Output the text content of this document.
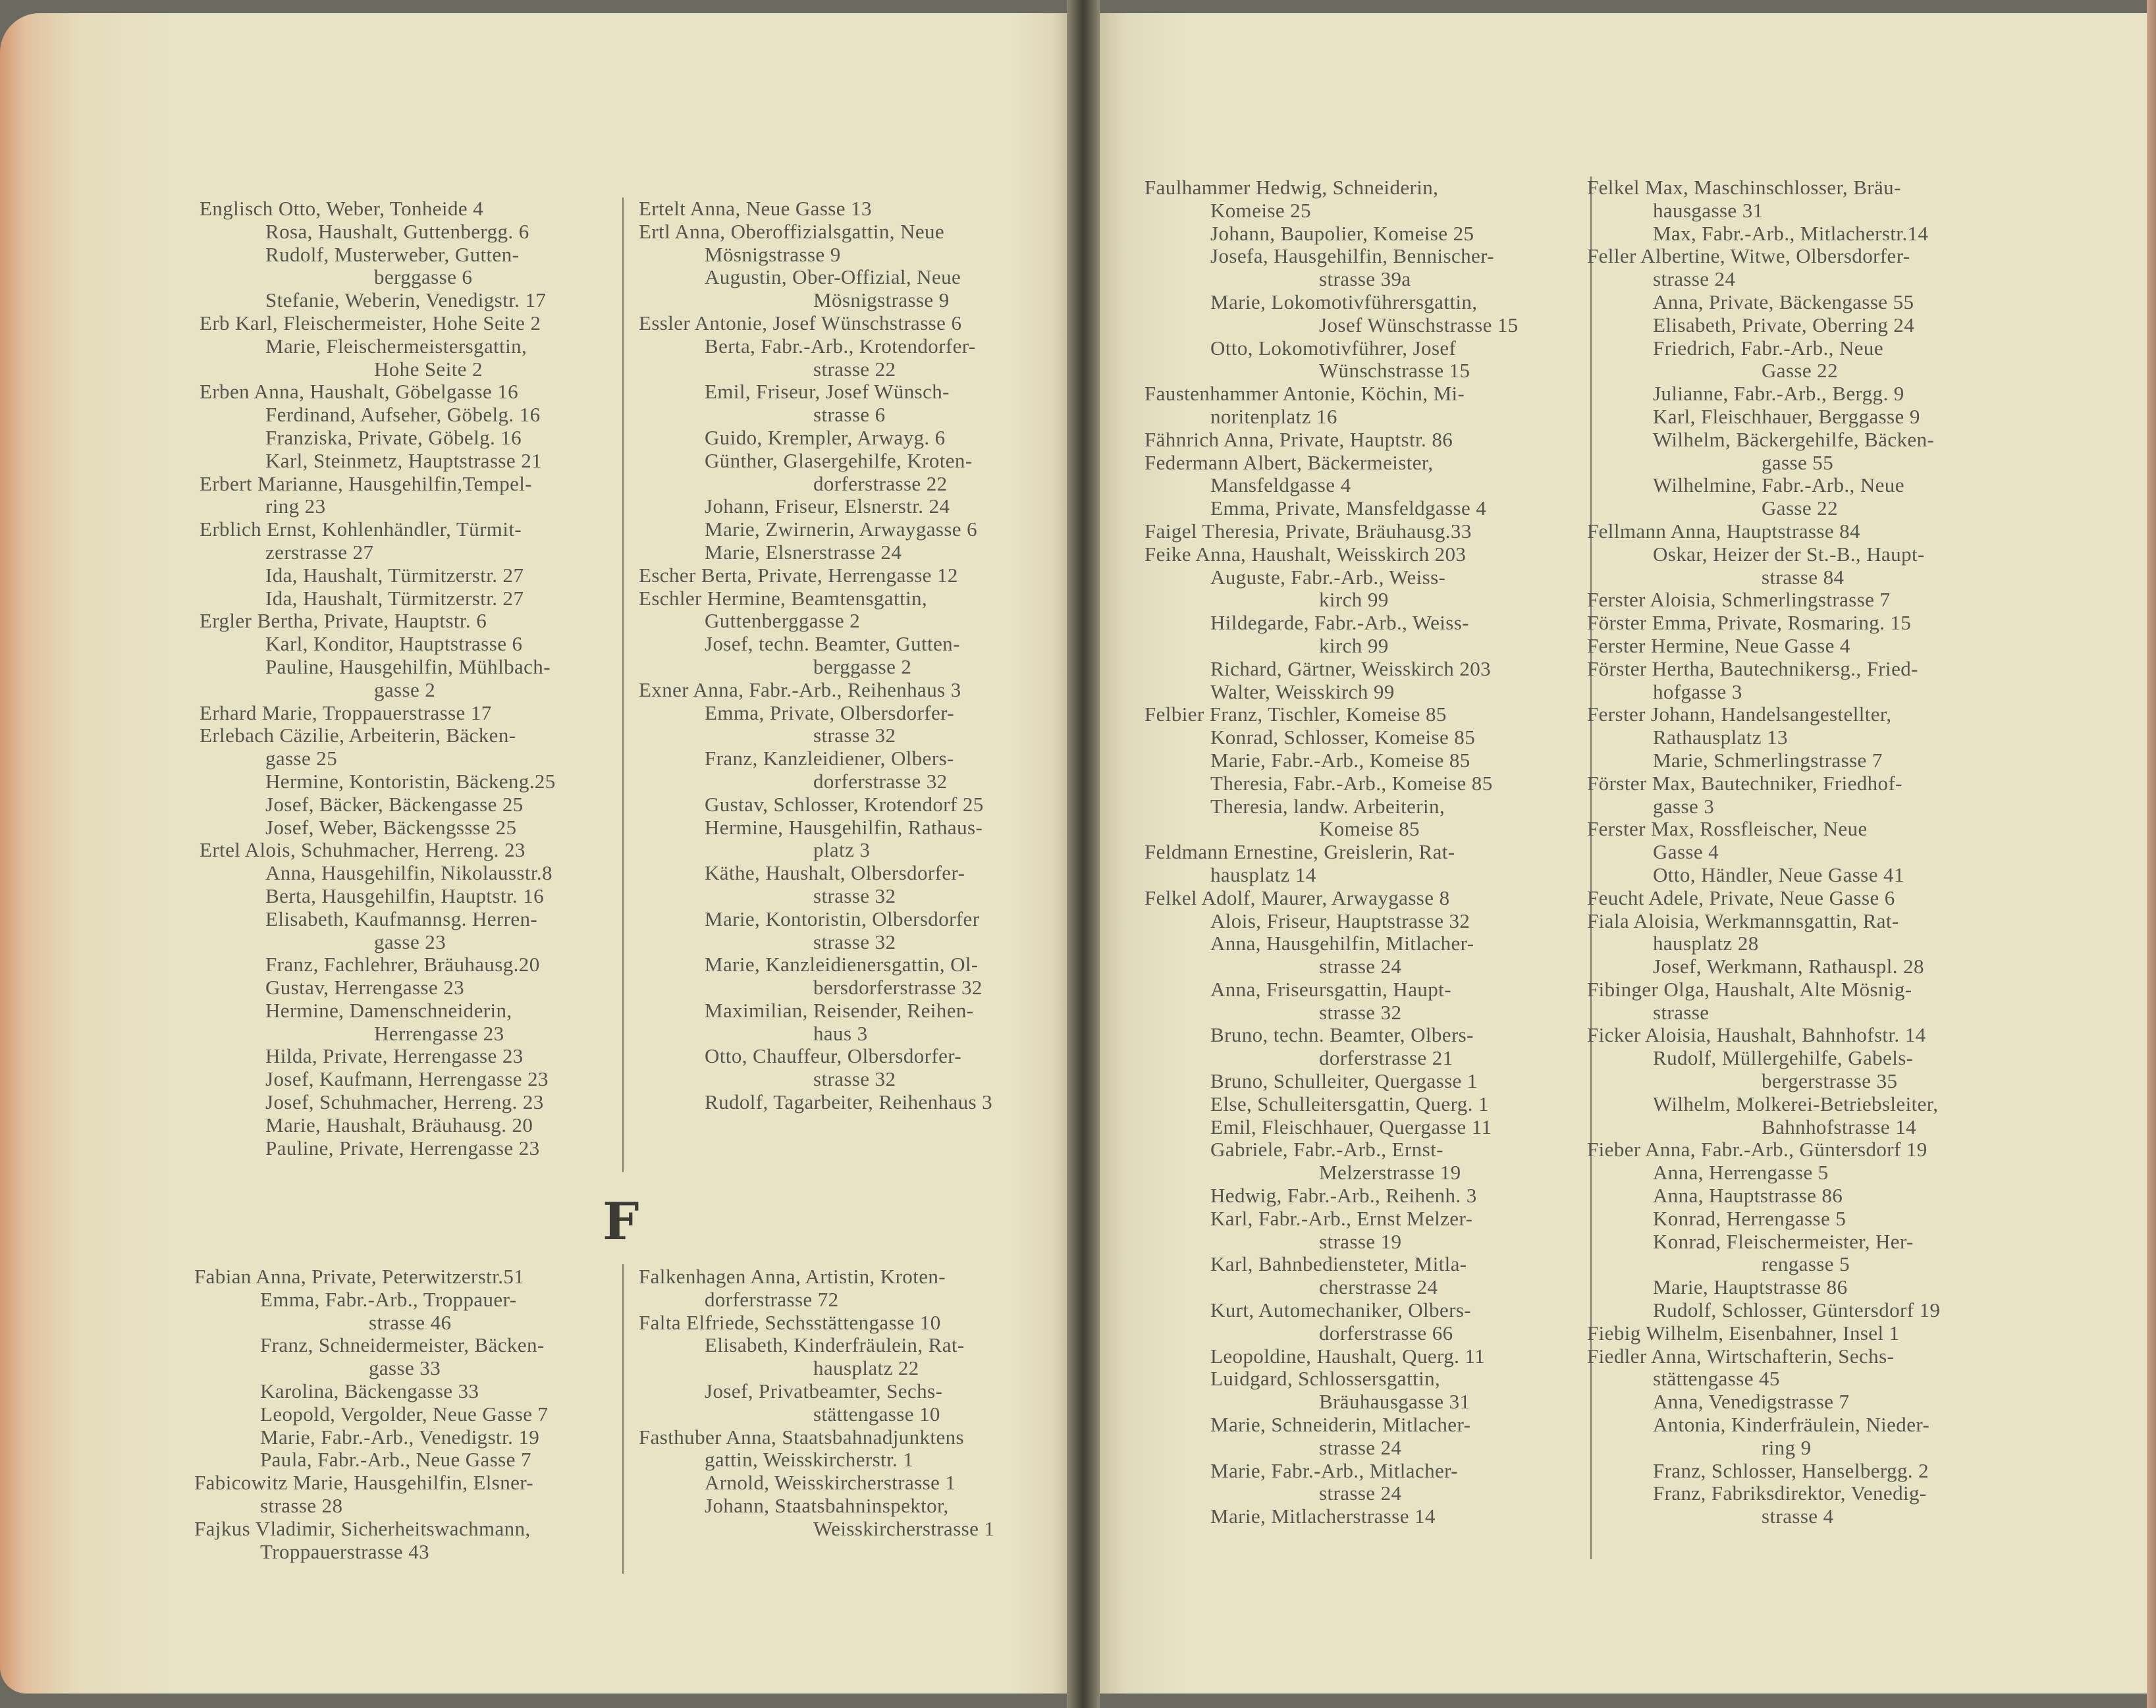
Englisch Otto, Weber, Tonheide 4
Rosa, Haushalt, Guttenbergg. 6
Rudolf, Musterweber, Gutten-
berggasse 6
Stefanie, Weberin, Venedigstr. 17
Erb Karl, Fleischermeister, Hohe Seite 2
Marie, Fleischermeistersgattin,
Hohe Seite 2
Erben Anna, Haushalt, Göbelgasse 16
Ferdinand, Aufseher, Göbelg. 16
Franziska, Private, Göbelg. 16
Karl, Steinmetz, Hauptstrasse 21
Erbert Marianne, Hausgehilfin,Tempel-
ring 23
Erblich Ernst, Kohlenhändler, Türmit-
zerstrasse 27
Ida, Haushalt, Türmitzerstr. 27
Ida, Haushalt, Türmitzerstr. 27
Ergler Bertha, Private, Hauptstr. 6
Karl, Konditor, Hauptstrasse 6
Pauline, Hausgehilfin, Mühlbach-
gasse 2
Erhard Marie, Troppauerstrasse 17
Erlebach Cäzilie, Arbeiterin, Bäcken-
gasse 25
Hermine, Kontoristin, Bäckeng.25
Josef, Bäcker, Bäckengasse 25
Josef, Weber, Bäckengssse 25
Ertel Alois, Schuhmacher, Herreng. 23
Anna, Hausgehilfin, Nikolausstr.8
Berta, Hausgehilfin, Hauptstr. 16
Elisabeth, Kaufmannsg. Herren-
gasse 23
Franz, Fachlehrer, Bräuhausg.20
Gustav, Herrengasse 23
Hermine, Damenschneiderin,
Herrengasse 23
Hilda, Private, Herrengasse 23
Josef, Kaufmann, Herrengasse 23
Josef, Schuhmacher, Herreng. 23
Marie, Haushalt, Bräuhausg. 20
Pauline, Private, Herrengasse 23
Ertelt Anna, Neue Gasse 13
Ertl Anna, Oberoffizialsgattin, Neue
Mösnigstrasse 9
Augustin, Ober-Offizial, Neue
Mösnigstrasse 9
Essler Antonie, Josef Wünschstrasse 6
Berta, Fabr.-Arb., Krotendorfer-
strasse 22
Emil, Friseur, Josef Wünsch-
strasse 6
Guido, Krempler, Arwayg. 6
Günther, Glasergehilfe, Kroten-
dorferstrasse 22
Johann, Friseur, Elsnerstr. 24
Marie, Zwirnerin, Arwaygasse 6
Marie, Elsnerstrasse 24
Escher Berta, Private, Herrengasse 12
Eschler Hermine, Beamtensgattin,
Guttenberggasse 2
Josef, techn. Beamter, Gutten-
berggasse 2
Exner Anna, Fabr.-Arb., Reihenhaus 3
Emma, Private, Olbersdorfer-
strasse 32
Franz, Kanzleidiener, Olbers-
dorferstrasse 32
Gustav, Schlosser, Krotendorf 25
Hermine, Hausgehilfin, Rathaus-
platz 3
Käthe, Haushalt, Olbersdorfer-
strasse 32
Marie, Kontoristin, Olbersdorfer
strasse 32
Marie, Kanzleidienersgattin, Ol-
bersdorferstrasse 32
Maximilian, Reisender, Reihen-
haus 3
Otto, Chauffeur, Olbersdorfer-
strasse 32
Rudolf, Tagarbeiter, Reihenhaus 3
F
Fabian Anna, Private, Peterwitzerstr.51
Emma, Fabr.-Arb., Troppauer-
strasse 46
Franz, Schneidermeister, Bäcken-
gasse 33
Karolina, Bäckengasse 33
Leopold, Vergolder, Neue Gasse 7
Marie, Fabr.-Arb., Venedigstr. 19
Paula, Fabr.-Arb., Neue Gasse 7
Fabicowitz Marie, Hausgehilfin, Elsner-
strasse 28
Fajkus Vladimir, Sicherheitswachmann,
Troppauerstrasse 43
Falkenhagen Anna, Artistin, Kroten-
dorferstrasse 72
Falta Elfriede, Sechsstättengasse 10
Elisabeth, Kinderfräulein, Rat-
hausplatz 22
Josef, Privatbeamter, Sechs-
stättengasse 10
Fasthuber Anna, Staatsbahnadjunktens
gattin, Weisskircherstr. 1
Arnold, Weisskircherstrasse 1
Johann, Staatsbahninspektor,
Weisskircherstrasse 1
Faulhammer Hedwig, Schneiderin,
Komeise 25
Johann, Baupolier, Komeise 25
Josefa, Hausgehilfin, Bennischer-
strasse 39a
Marie, Lokomotivführersgattin,
Josef Wünschstrasse 15
Otto, Lokomotivführer, Josef
Wünschstrasse 15
Faustenhammer Antonie, Köchin, Mi-
noritenplatz 16
Fähnrich Anna, Private, Hauptstr. 86
Federmann Albert, Bäckermeister,
Mansfeldgasse 4
Emma, Private, Mansfeldgasse 4
Faigel Theresia, Private, Bräuhausg.33
Feike Anna, Haushalt, Weisskirch 203
Auguste, Fabr.-Arb., Weiss-
kirch 99
Hildegarde, Fabr.-Arb., Weiss-
kirch 99
Richard, Gärtner, Weisskirch 203
Walter, Weisskirch 99
Felbier Franz, Tischler, Komeise 85
Konrad, Schlosser, Komeise 85
Marie, Fabr.-Arb., Komeise 85
Theresia, Fabr.-Arb., Komeise 85
Theresia, landw. Arbeiterin,
Komeise 85
Feldmann Ernestine, Greislerin, Rat-
hausplatz 14
Felkel Adolf, Maurer, Arwaygasse 8
Alois, Friseur, Hauptstrasse 32
Anna, Hausgehilfin, Mitlacher-
strasse 24
Anna, Friseursgattin, Haupt-
strasse 32
Bruno, techn. Beamter, Olbers-
dorferstrasse 21
Bruno, Schulleiter, Quergasse 1
Else, Schulleitersgattin, Querg. 1
Emil, Fleischhauer, Quergasse 11
Gabriele, Fabr.-Arb., Ernst-
Melzerstrasse 19
Hedwig, Fabr.-Arb., Reihenh. 3
Karl, Fabr.-Arb., Ernst Melzer-
strasse 19
Karl, Bahnbediensteter, Mitla-
cherstrasse 24
Kurt, Automechaniker, Olbers-
dorferstrasse 66
Leopoldine, Haushalt, Querg. 11
Luidgard, Schlossersgattin,
Bräuhausgasse 31
Marie, Schneiderin, Mitlacher-
strasse 24
Marie, Fabr.-Arb., Mitlacher-
strasse 24
Marie, Mitlacherstrasse 14
Felkel Max, Maschinschlosser, Bräu-
hausgasse 31
Max, Fabr.-Arb., Mitlacherstr.14
Feller Albertine, Witwe, Olbersdorfer-
strasse 24
Anna, Private, Bäckengasse 55
Elisabeth, Private, Oberring 24
Friedrich, Fabr.-Arb., Neue
Gasse 22
Julianne, Fabr.-Arb., Bergg. 9
Karl, Fleischhauer, Berggasse 9
Wilhelm, Bäckergehilfe, Bäcken-
gasse 55
Wilhelmine, Fabr.-Arb., Neue
Gasse 22
Fellmann Anna, Hauptstrasse 84
Oskar, Heizer der St.-B., Haupt-
strasse 84
Ferster Aloisia, Schmerlingstrasse 7
Förster Emma, Private, Rosmaring. 15
Ferster Hermine, Neue Gasse 4
Förster Hertha, Bautechnikersg., Fried-
hofgasse 3
Ferster Johann, Handelsangestellter,
Rathausplatz 13
Marie, Schmerlingstrasse 7
Förster Max, Bautechniker, Friedhof-
gasse 3
Ferster Max, Rossfleischer, Neue
Gasse 4
Otto, Händler, Neue Gasse 41
Feucht Adele, Private, Neue Gasse 6
Fiala Aloisia, Werkmannsgattin, Rat-
hausplatz 28
Josef, Werkmann, Rathauspl. 28
Fibinger Olga, Haushalt, Alte Mösnig-
strasse
Ficker Aloisia, Haushalt, Bahnhofstr. 14
Rudolf, Müllergehilfe, Gabels-
bergerstrasse 35
Wilhelm, Molkerei-Betriebsleiter,
Bahnhofstrasse 14
Fieber Anna, Fabr.-Arb., Güntersdorf 19
Anna, Herrengasse 5
Anna, Hauptstrasse 86
Konrad, Herrengasse 5
Konrad, Fleischermeister, Her-
rengasse 5
Marie, Hauptstrasse 86
Rudolf, Schlosser, Güntersdorf 19
Fiebig Wilhelm, Eisenbahner, Insel 1
Fiedler Anna, Wirtschafterin, Sechs-
stättengasse 45
Anna, Venedigstrasse 7
Antonia, Kinderfräulein, Nieder-
ring 9
Franz, Schlosser, Hanselbergg. 2
Franz, Fabriksdirektor, Venedig-
strasse 4
